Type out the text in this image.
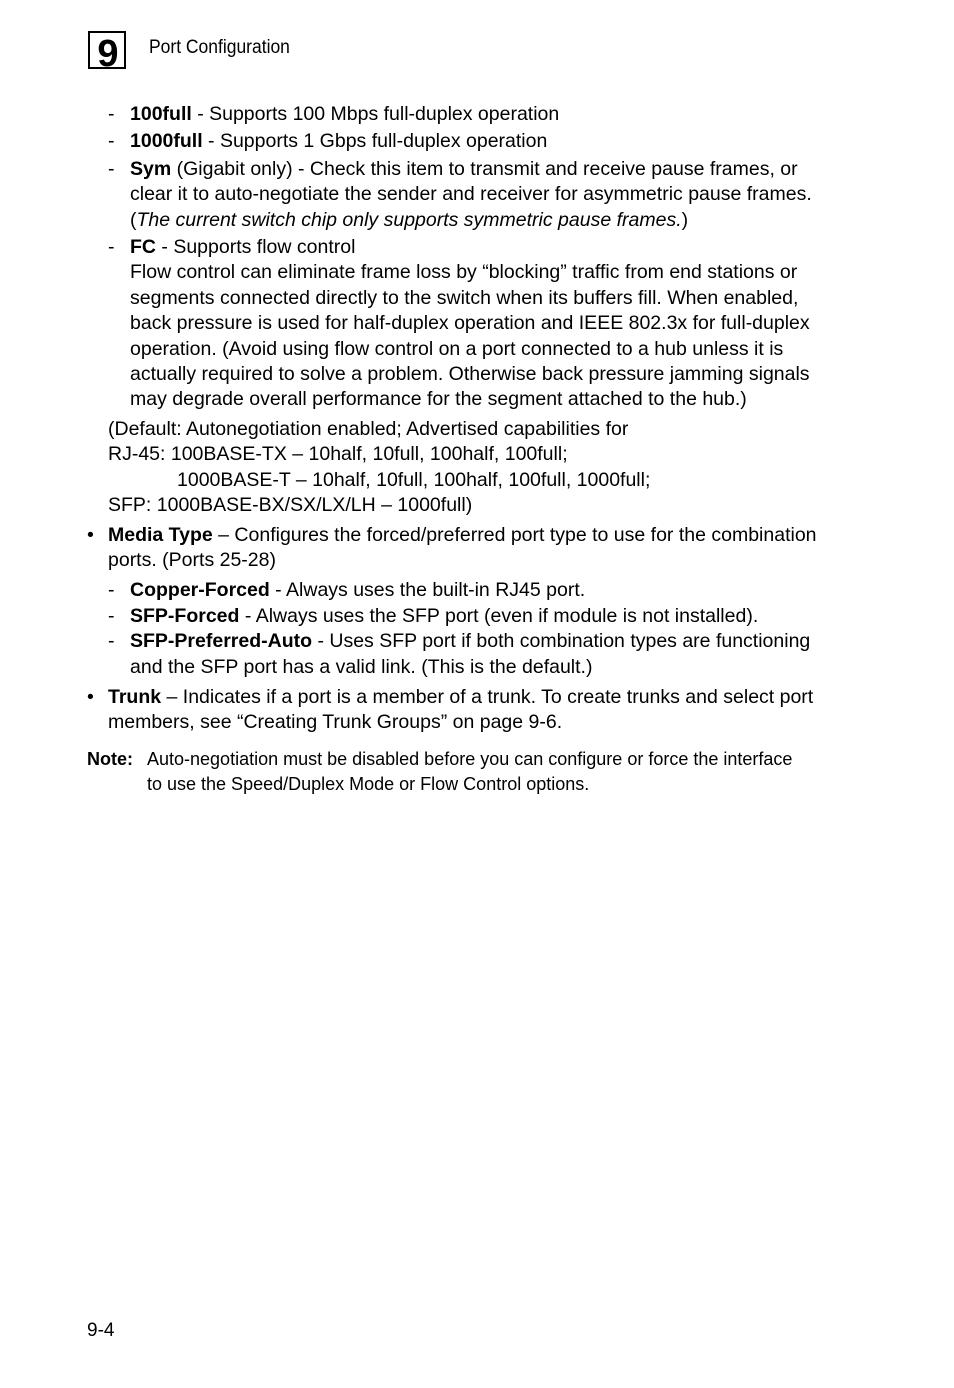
9 Port Configuration
- 100full - Supports 100 Mbps full-duplex operation
- 1000full - Supports 1 Gbps full-duplex operation
- Sym (Gigabit only) - Check this item to transmit and receive pause frames, or
clear it to auto-negotiate the sender and receiver for asymmetric pause frames.
(The current switch chip only supports symmetric pause frames.)
- FC - Supports flow control
Flow control can eliminate frame loss by “blocking” traffic from end stations or
segments connected directly to the switch when its buffers fill. When enabled,
back pressure is used for half-duplex operation and IEEE 802.3x for full-duplex
operation. (Avoid using flow control on a port connected to a hub unless it is
actually required to solve a problem. Otherwise back pressure jamming signals
may degrade overall performance for the segment attached to the hub.)
(Default: Autonegotiation enabled; Advertised capabilities for
RJ-45: 100BASE-TX – 10half, 10full, 100half, 100full;
1000BASE-T – 10half, 10full, 100half, 100full, 1000full;
SFP: 1000BASE-BX/SX/LX/LH – 1000full)
• Media Type – Configures the forced/preferred port type to use for the combination
ports. (Ports 25-28)
- Copper-Forced - Always uses the built-in RJ45 port.
- SFP-Forced - Always uses the SFP port (even if module is not installed).
- SFP-Preferred-Auto - Uses SFP port if both combination types are functioning
and the SFP port has a valid link. (This is the default.)
• Trunk – Indicates if a port is a member of a trunk. To create trunks and select port
members, see “Creating Trunk Groups” on page 9-6.
Note: Auto-negotiation must be disabled before you can configure or force the interface
to use the Speed/Duplex Mode or Flow Control options.
9-4
